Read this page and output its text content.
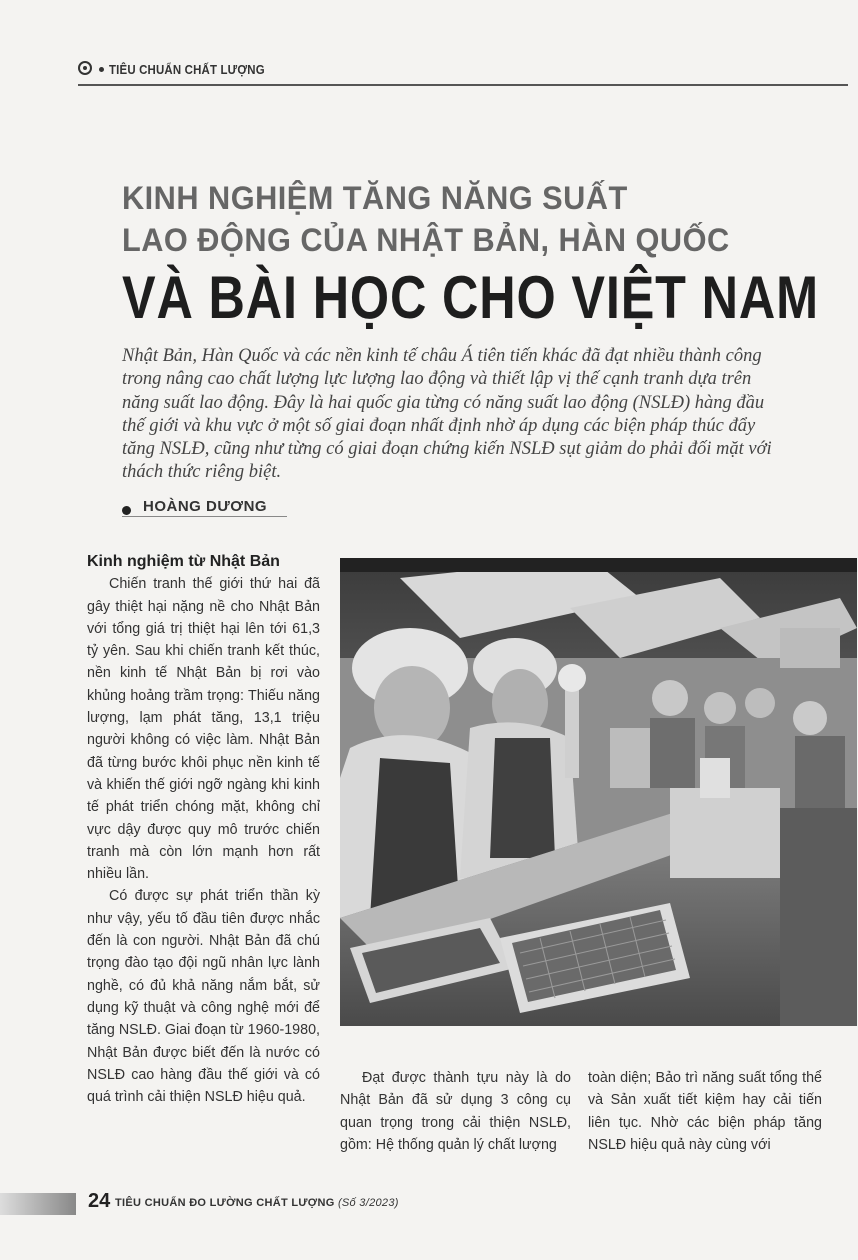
TIÊU CHUẨN CHẤT LƯỢNG
KINH NGHIỆM TĂNG NĂNG SUẤT
LAO ĐỘNG CỦA NHẬT BẢN, HÀN QUỐC
VÀ BÀI HỌC CHO VIỆT NAM

Nhật Bản, Hàn Quốc và các nền kinh tế châu Á tiên tiến khác đã đạt nhiều thành công trong nâng cao chất lượng lực lượng lao động và thiết lập vị thế cạnh tranh dựa trên năng suất lao động. Đây là hai quốc gia từng có năng suất lao động (NSLĐ) hàng đầu thế giới và khu vực ở một số giai đoạn nhất định nhờ áp dụng các biện pháp thúc đẩy tăng NSLĐ, cũng như từng có giai đoạn chứng kiến NSLĐ sụt giảm do phải đối mặt với thách thức riêng biệt.

HOÀNG DƯƠNG

Kinh nghiệm từ Nhật Bản

Chiến tranh thế giới thứ hai đã gây thiệt hại nặng nề cho Nhật Bản với tổng giá trị thiệt hại lên tới 61,3 tỷ yên. Sau khi chiến tranh kết thúc, nền kinh tế Nhật Bản bị rơi vào khủng hoảng trầm trọng: Thiếu năng lượng, lạm phát tăng, 13,1 triệu người không có việc làm. Nhật Bản đã từng bước khôi phục nền kinh tế và khiến thế giới ngỡ ngàng khi kinh tế phát triển chóng mặt, không chỉ vực dậy được quy mô trước chiến tranh mà còn lớn mạnh hơn rất nhiều lần.

Có được sự phát triển thần kỳ như vậy, yếu tố đầu tiên được nhắc đến là con người. Nhật Bản đã chú trọng đào tạo đội ngũ nhân lực lành nghề, có đủ khả năng nắm bắt, sử dụng kỹ thuật và công nghệ mới để tăng NSLĐ. Giai đoạn từ 1960-1980, Nhật Bản được biết đến là nước có NSLĐ cao hàng đầu thế giới và có quá trình cải thiện NSLĐ hiệu quả.

Đạt được thành tựu này là do Nhật Bản đã sử dụng 3 công cụ quan trọng trong cải thiện NSLĐ, gồm: Hệ thống quản lý chất lượng

toàn diện; Bảo trì năng suất tổng thể và Sản xuất tiết kiệm hay cải tiến liên tục. Nhờ các biện pháp tăng NSLĐ hiệu quả này cùng với

24 TIÊU CHUẨN ĐO LƯỜNG CHẤT LƯỢNG (Số 3/2023)
